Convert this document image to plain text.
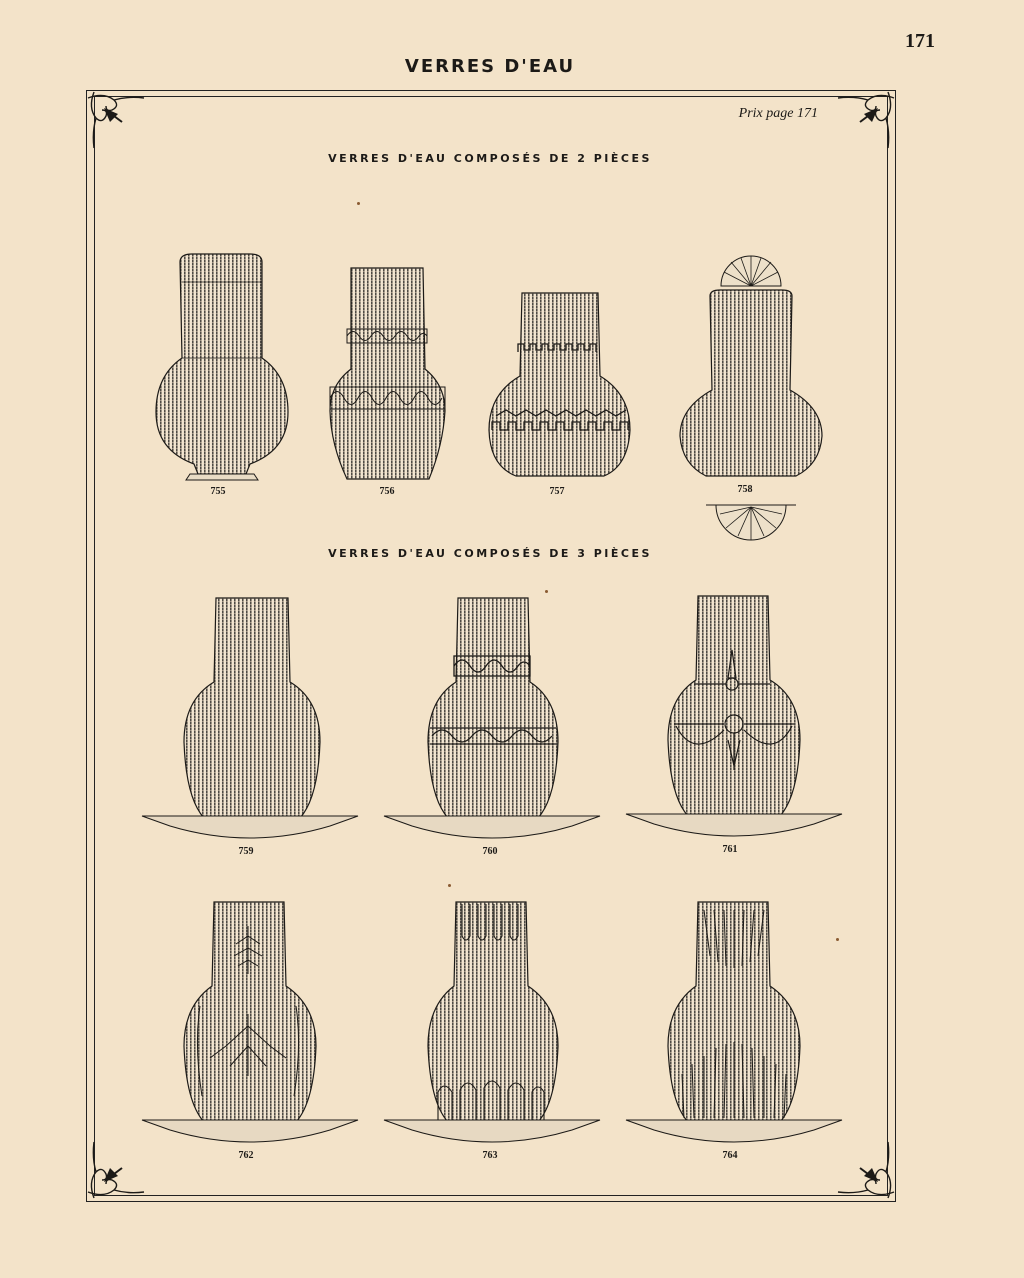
171
VERRES D'EAU
Prix page 171
VERRES D'EAU COMPOSÉS DE 2 PIÈCES
VERRES D'EAU COMPOSÉS DE 3 PIÈCES
755	756	757	758
759	760	761
762	763	764
